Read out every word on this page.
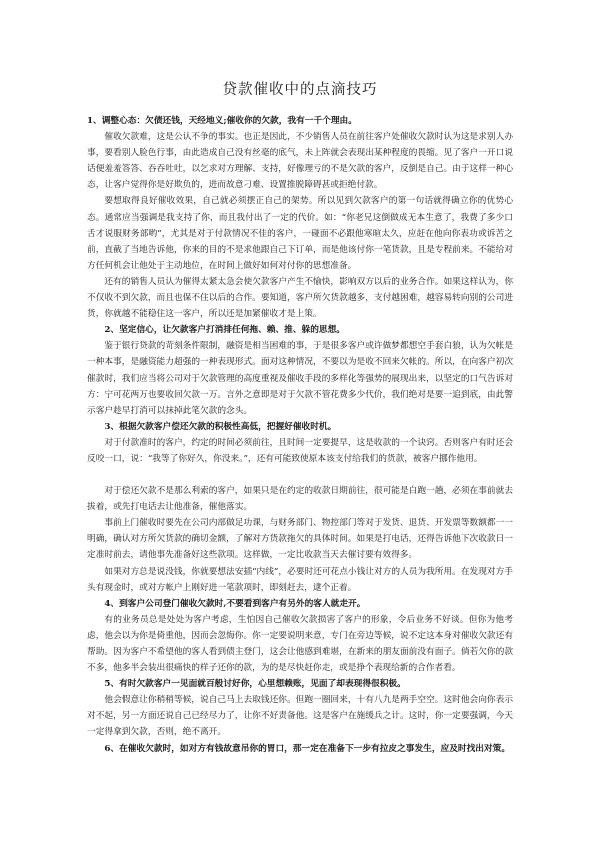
贷款催收中的点滴技巧

1、调整心态：欠债还钱，天经地义;催收你的欠款，我有一千个理由。

催收欠款难，这是公认不争的事实。也正是因此，不少销售人员在前往客户处催收欠款时认为这是求别人办事，要看别人脸色行事，由此造成自己没有丝毫的底气，未上阵就会表现出某种程度的畏缩。见了客户一开口说话便羞羞答答、吞吞吐吐，以乞求对方理解、支持，好像理亏的不是欠款的客户，反倒是自己。由于这样一种心态，让客户觉得你是好欺负的，进而故意刁难、设置推脱障碍甚或拒绝付款。

要想取得良好催收效果，自己就必须摆正自己的架势。所以见到欠款客户的第一句话就得确立你的优势心态。通常应当强调是我支持了你，而且我付出了一定的代价。如：“你老兄这倒做成无本生意了，我费了多少口舌才说服财务部哟”，尤其是对于付款情况不佳的客户，一碰面不必跟他寒暄太久，应赶在他向你表功或诉苦之前，直截了当地告诉他，你来的目的不是求他跟自己下订单，而是他该付你一笔货款，且是专程前来。不能给对方任何机会让他处于主动地位，在时间上做好如何对付你的思想准备。

还有的销售人员认为催得太紧太急会使欠款客户产生不愉快，影响双方以后的业务合作。如果这样认为，你不仅收不到欠款，而且也保不住以后的合作。要知道，客户所欠货款越多，支付越困难，越容易转向别的公司进货，你就越不能稳住这一客户，所以还是加紧催收才是上策。

2、坚定信心，让欠款客户打消排任何拖、赖、推、躲的思想。

鉴于银行贷款的苛刻条件限制，融资是相当困难的事，于是很多客户或许做梦都想空手套白狼，认为欠帐是一种本事，是融资能力超强的一种表现形式。面对这种情况，不要以为是收不回来欠帐的。所以，在向客户初次催款时，我们应当将公司对于欠款管理的高度重视及催收手段的多样化等强势的展现出来，以坚定的口气告诉对方：宁可花两万也要收回欠款一万。言外之意即是对于欠款不管花费多少代价，我们绝对是要一追到底，由此警示客户趁早打消可以抹掉此笔欠款的念头。

3、根据欠款客户偿还欠款的积极性高低，把握好催收时机。

对于付款准时的客户，约定的时间必须前往，且时间一定要提早，这是收款的一个诀窍。否则客户有时还会反咬一口，说：“我等了你好久，你没来。”，还有可能致使原本该支付给我们的货款，被客户挪作他用。

对于偿还欠款不是那么利索的客户，如果只是在约定的收款日期前往，很可能是白跑一趟，必须在事前就去拔着，或先打电话去让他准备，催他落实。

事前上门催收时要先在公司内部做足功课，与财务部门、物控部门等对于发货、退货、开发票等数额都一一明确，确认对方所欠货款的确切金额，了解对方货款拖欠的具体时间。如果是打电话，还得告诉他下次收款日一定准时前去，请他事先准备好这些款项。这样做，一定比收款当天去催讨要有效得多。

如果对方总是说没钱，你就要想法安插“内线”，必要时还可花点小钱让对方的人员为我所用。在发现对方手头有现金时，或对方帐户上刚好进一笔款项时，即刻赶去，逮个正着。

4、到客户公司登门催收欠款时,不要看到客户有另外的客人就走开。

有的业务员总是处处为客户考虑，生怕因自己催收欠款损害了客户的形象，令后业务不好谈。但你为他考虑，他会以为你是倚重他，因而会忽悔你。你一定要说明来意，专门在旁边等候，说不定这本身对催收欠款还有帮助。因为客户不希望他的客人看到债主登门，这会让他感到难堪，在新来的朋友面前没有面子。倘若欠你的款不多，他多半会装出很痛快的样子还你的款，为的是尽快赶你走，或是挣个表现给新的合作者看。

5、有时欠款客户一见面就百般讨好你，心里想赖账，见面了却表现得很积极。

他会假意让你稍稍等候，说自己马上去取钱还你。但跑一圈回来，十有八九是两手空空。这时他会向你表示对不起，另一方面还说自己已经尽力了，让你不好责备他。这是客户在施缓兵之计。这时，你一定要强调，今天一定得拿到欠款，否则，绝不离开。

6、在催收欠款时，如对方有钱故意吊你的胃口，那一定在准备下一步有拉皮之事发生，应及时找出对策。
